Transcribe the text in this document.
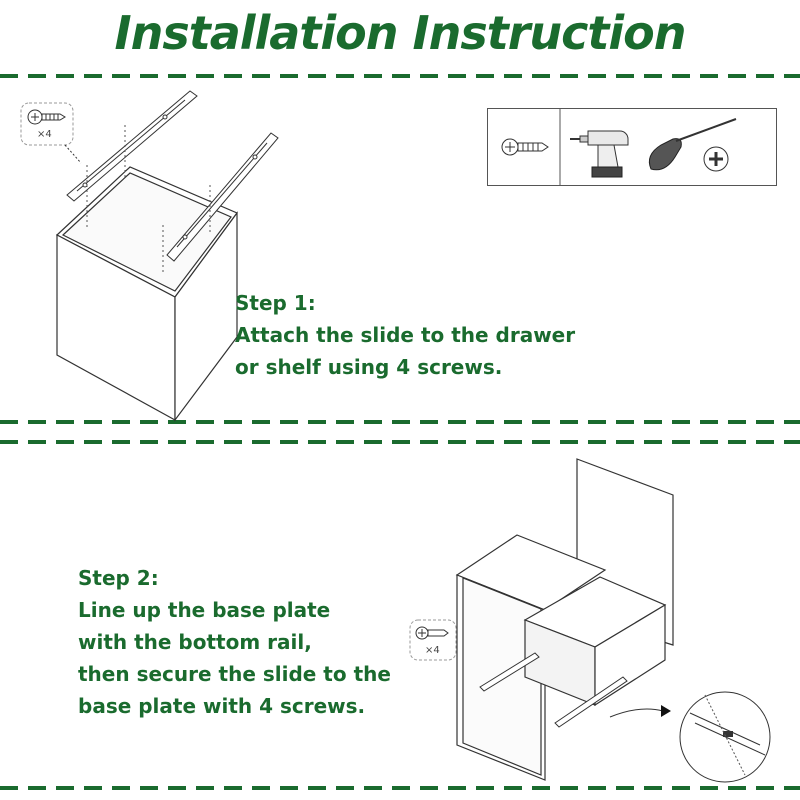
Installation Instruction
×4
Step 1:
Attach the slide to the drawer
or shelf using 4 screws.
Step 2:
Line up the base plate
with the bottom rail,
then secure the slide to the
base plate with 4 screws.
×4
